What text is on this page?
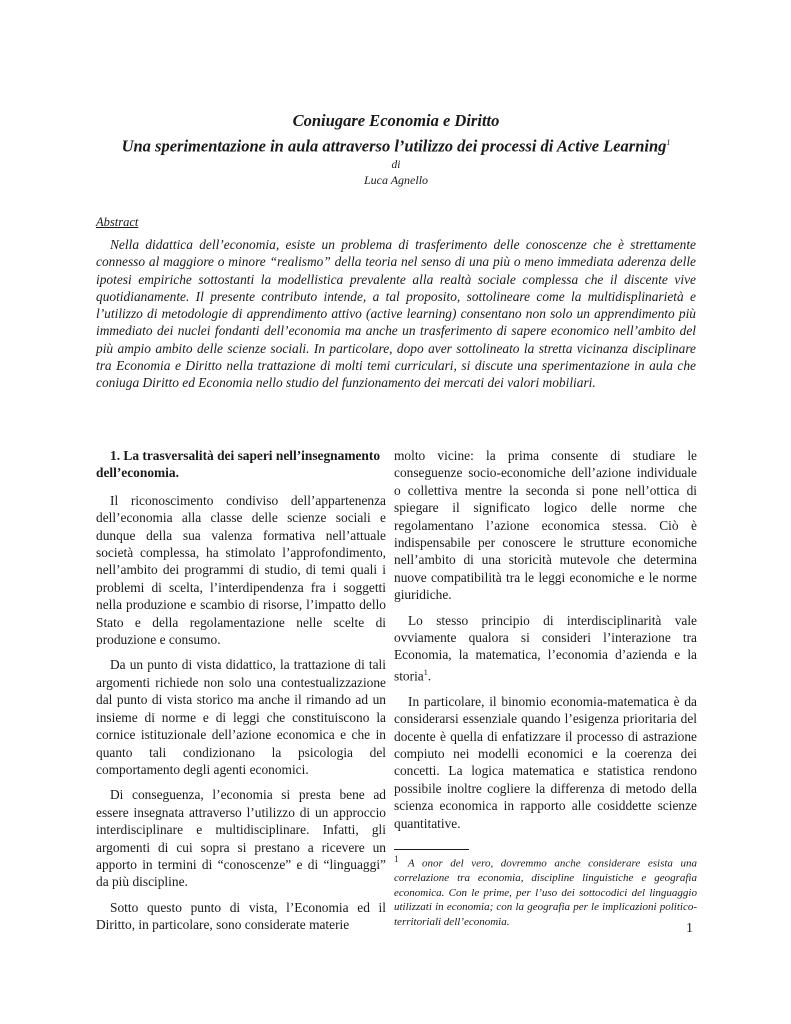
Coniugare Economia e Diritto
Una sperimentazione in aula attraverso l’utilizzo dei processi di Active Learning$^1$
di
Luca Agnello
Abstract
Nella didattica dell’economia, esiste un problema di trasferimento delle conoscenze che è strettamente connesso al maggiore o minore “realismo” della teoria nel senso di una più o meno immediata aderenza delle ipotesi empiriche sottostanti la modellistica prevalente alla realtà sociale complessa che il discente vive quotidianamente. Il presente contributo intende, a tal proposito, sottolineare come la multidisplinarietà e l’utilizzo di metodologie di apprendimento attivo (active learning) consentano non solo un apprendimento più immediato dei nuclei fondanti dell’economia ma anche un trasferimento di sapere economico nell’ambito del più ampio ambito delle scienze sociali. In particolare, dopo aver sottolineato la stretta vicinanza disciplinare tra Economia e Diritto nella trattazione di molti temi curriculari, si discute una sperimentazione in aula che coniuga Diritto ed Economia nello studio del funzionamento dei mercati dei valori mobiliari.
1. La trasversalità dei saperi nell’insegnamento dell’economia.

Il riconoscimento condiviso dell’appartenenza dell’economia alla classe delle scienze sociali e dunque della sua valenza formativa nell’attuale società complessa, ha stimolato l’approfondimento, nell’ambito dei programmi di studio, di temi quali i problemi di scelta, l’interdipendenza fra i soggetti nella produzione e scambio di risorse, l’impatto dello Stato e della regolamentazione nelle scelte di produzione e consumo.

Da un punto di vista didattico, la trattazione di tali argomenti richiede non solo una contestualizzazione dal punto di vista storico ma anche il rimando ad un insieme di norme e di leggi che constituiscono la cornice istituzionale dell’azione economica e che in quanto tali condizionano la psicologia del comportamento degli agenti economici.

Di conseguenza, l’economia si presta bene ad essere insegnata attraverso l’utilizzo di un approccio interdisciplinare e multidisciplinare. Infatti, gli argomenti di cui sopra si prestano a ricevere un apporto in termini di “conoscenze” e di “linguaggi” da più discipline.

Sotto questo punto di vista, l’Economia ed il Diritto, in particolare, sono considerate materie

molto vicine: la prima consente di studiare le conseguenze socio-economiche dell’azione individuale o collettiva mentre la seconda si pone nell’ottica di spiegare il significato logico delle norme che regolamentano l’azione economica stessa. Ciò è indispensabile per conoscere le strutture economiche nell’ambito di una storicità mutevole che determina nuove compatibilità tra le leggi economiche e le norme giuridiche.

Lo stesso principio di interdisciplinarità vale ovviamente qualora si consideri l’interazione tra Economia, la matematica, l’economia d’azienda e la storia$^1$.

In particolare, il binomio economia-matematica è da considerarsi essenziale quando l’esigenza prioritaria del docente è quella di enfatizzare il processo di astrazione compiuto nei modelli economici e la coerenza dei concetti. La logica matematica e statistica rendono possibile inoltre cogliere la differenza di metodo della scienza economica in rapporto alle cosiddette scienze quantitative.

$^1$ A onor del vero, dovremmo anche considerare esista una correlazione tra economia, discipline linguistiche e geografia economica. Con le prime, per l’uso dei sottocodici del linguaggio utilizzati in economia; con la geografia per le implicazioni politico-territoriali dell’economia.	1
